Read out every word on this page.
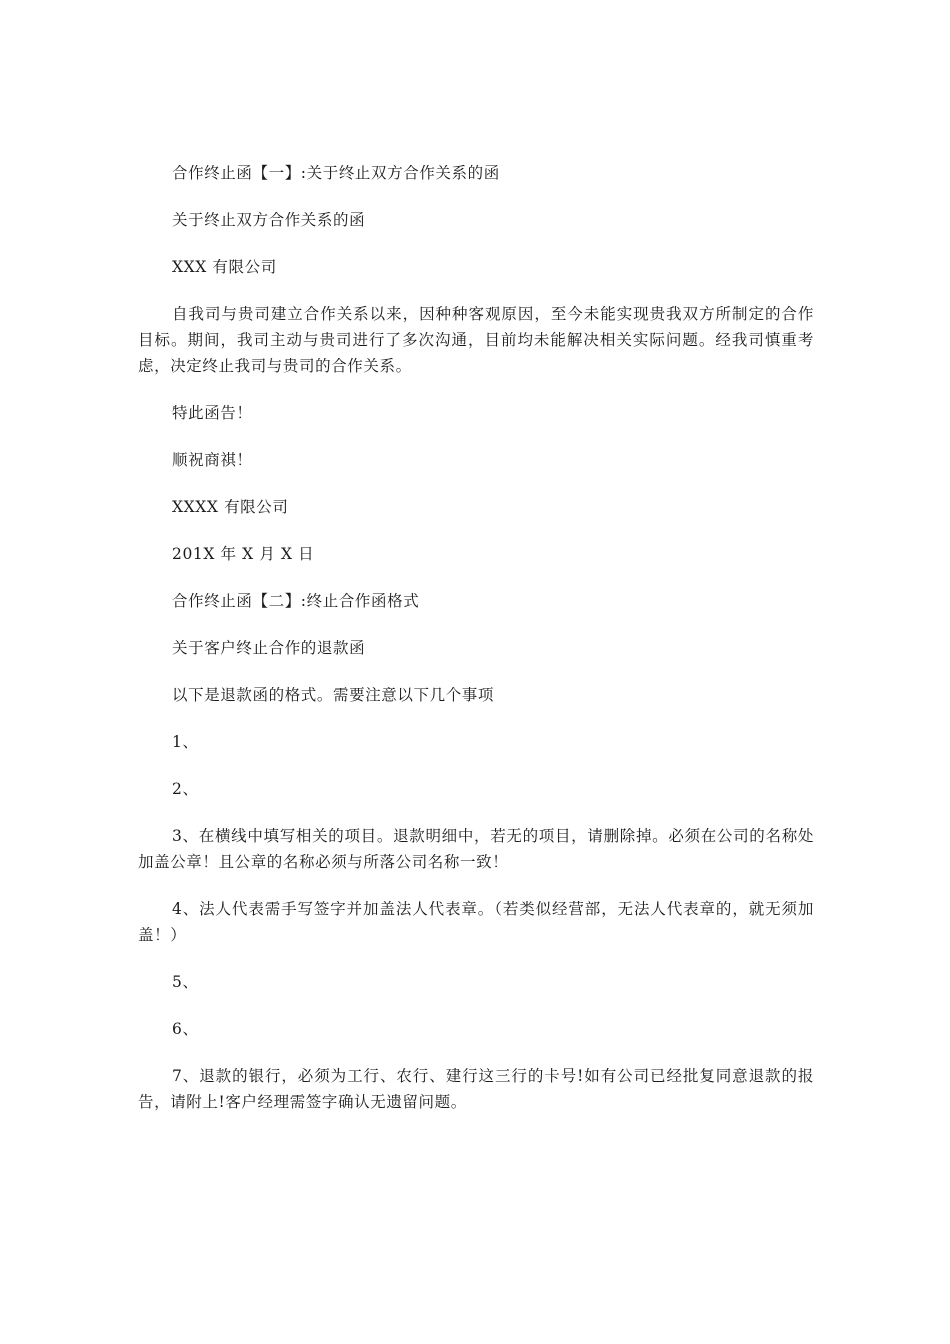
合作终止函【一】:关于终止双方合作关系的函

关于终止双方合作关系的函

XXX 有限公司

自我司与贵司建立合作关系以来，因种种客观原因，至今未能实现贵我双方所制定的合作目标。期间，我司主动与贵司进行了多次沟通，目前均未能解决相关实际问题。经我司慎重考虑，决定终止我司与贵司的合作关系。

特此函告！

顺祝商祺！

XXXX 有限公司

201X 年 X 月 X 日

合作终止函【二】:终止合作函格式

关于客户终止合作的退款函

以下是退款函的格式。需要注意以下几个事项

1、

2、

3、在横线中填写相关的项目。退款明细中，若无的项目，请删除掉。必须在公司的名称处加盖公章！且公章的名称必须与所落公司名称一致！

4、法人代表需手写签字并加盖法人代表章。（若类似经营部，无法人代表章的，就无须加盖！）

5、

6、

7、退款的银行，必须为工行、农行、建行这三行的卡号!如有公司已经批复同意退款的报告，请附上!客户经理需签字确认无遗留问题。
